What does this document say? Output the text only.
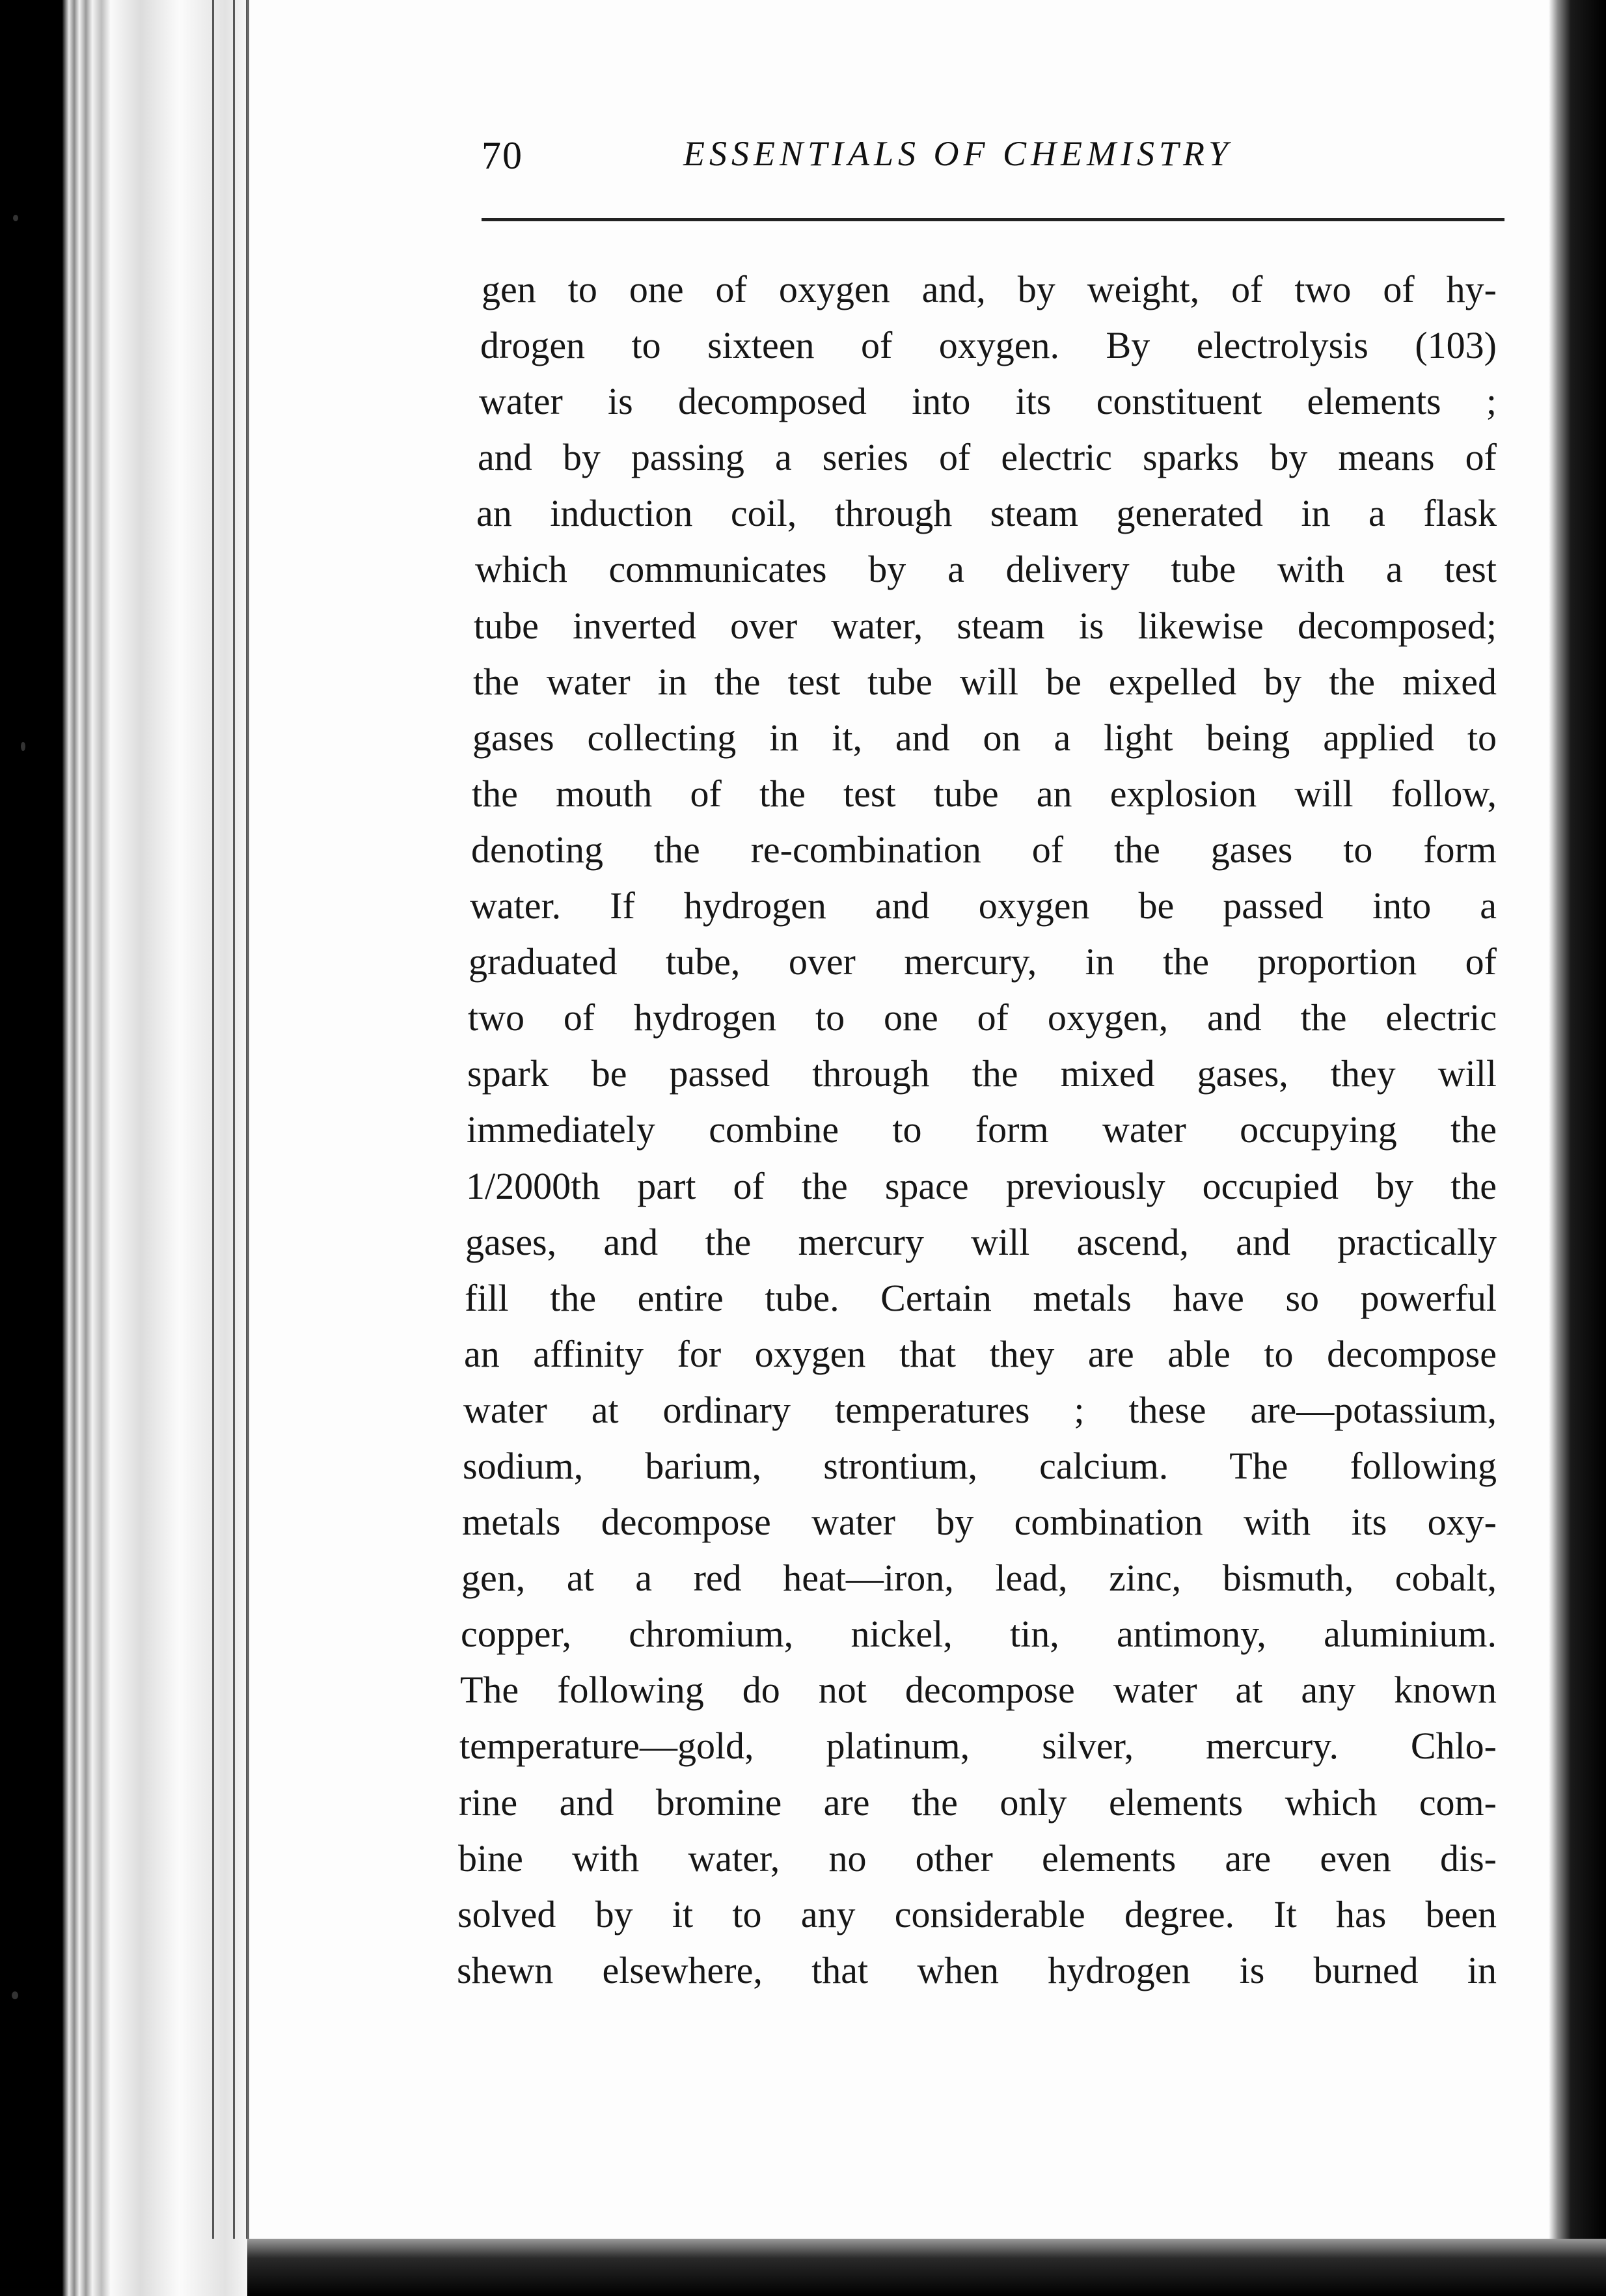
70	ESSENTIALS OF CHEMISTRY
gen to one of oxygen and, by weight, of two of hy-
drogen to sixteen of oxygen. By electrolysis (103)
water is decomposed into its constituent elements ;
and by passing a series of electric sparks by means of
an induction coil, through steam generated in a flask
which communicates by a delivery tube with a test
tube inverted over water, steam is likewise decomposed;
the water in the test tube will be expelled by the mixed
gases collecting in it, and on a light being applied to
the mouth of the test tube an explosion will follow,
denoting the re-combination of the gases to form
water. If hydrogen and oxygen be passed into a
graduated tube, over mercury, in the proportion of
two of hydrogen to one of oxygen, and the electric
spark be passed through the mixed gases, they will
immediately combine to form water occupying the
1/2000th part of the space previously occupied by the
gases, and the mercury will ascend, and practically
fill the entire tube. Certain metals have so powerful
an affinity for oxygen that they are able to decompose
water at ordinary temperatures ; these are—potassium,
sodium, barium, strontium, calcium. The following
metals decompose water by combination with its oxy-
gen, at a red heat—iron, lead, zinc, bismuth, cobalt,
copper, chromium, nickel, tin, antimony, aluminium.
The following do not decompose water at any known
temperature—gold, platinum, silver, mercury. Chlo-
rine and bromine are the only elements which com-
bine with water, no other elements are even dis-
solved by it to any considerable degree. It has been
shewn elsewhere, that when hydrogen is burned in
